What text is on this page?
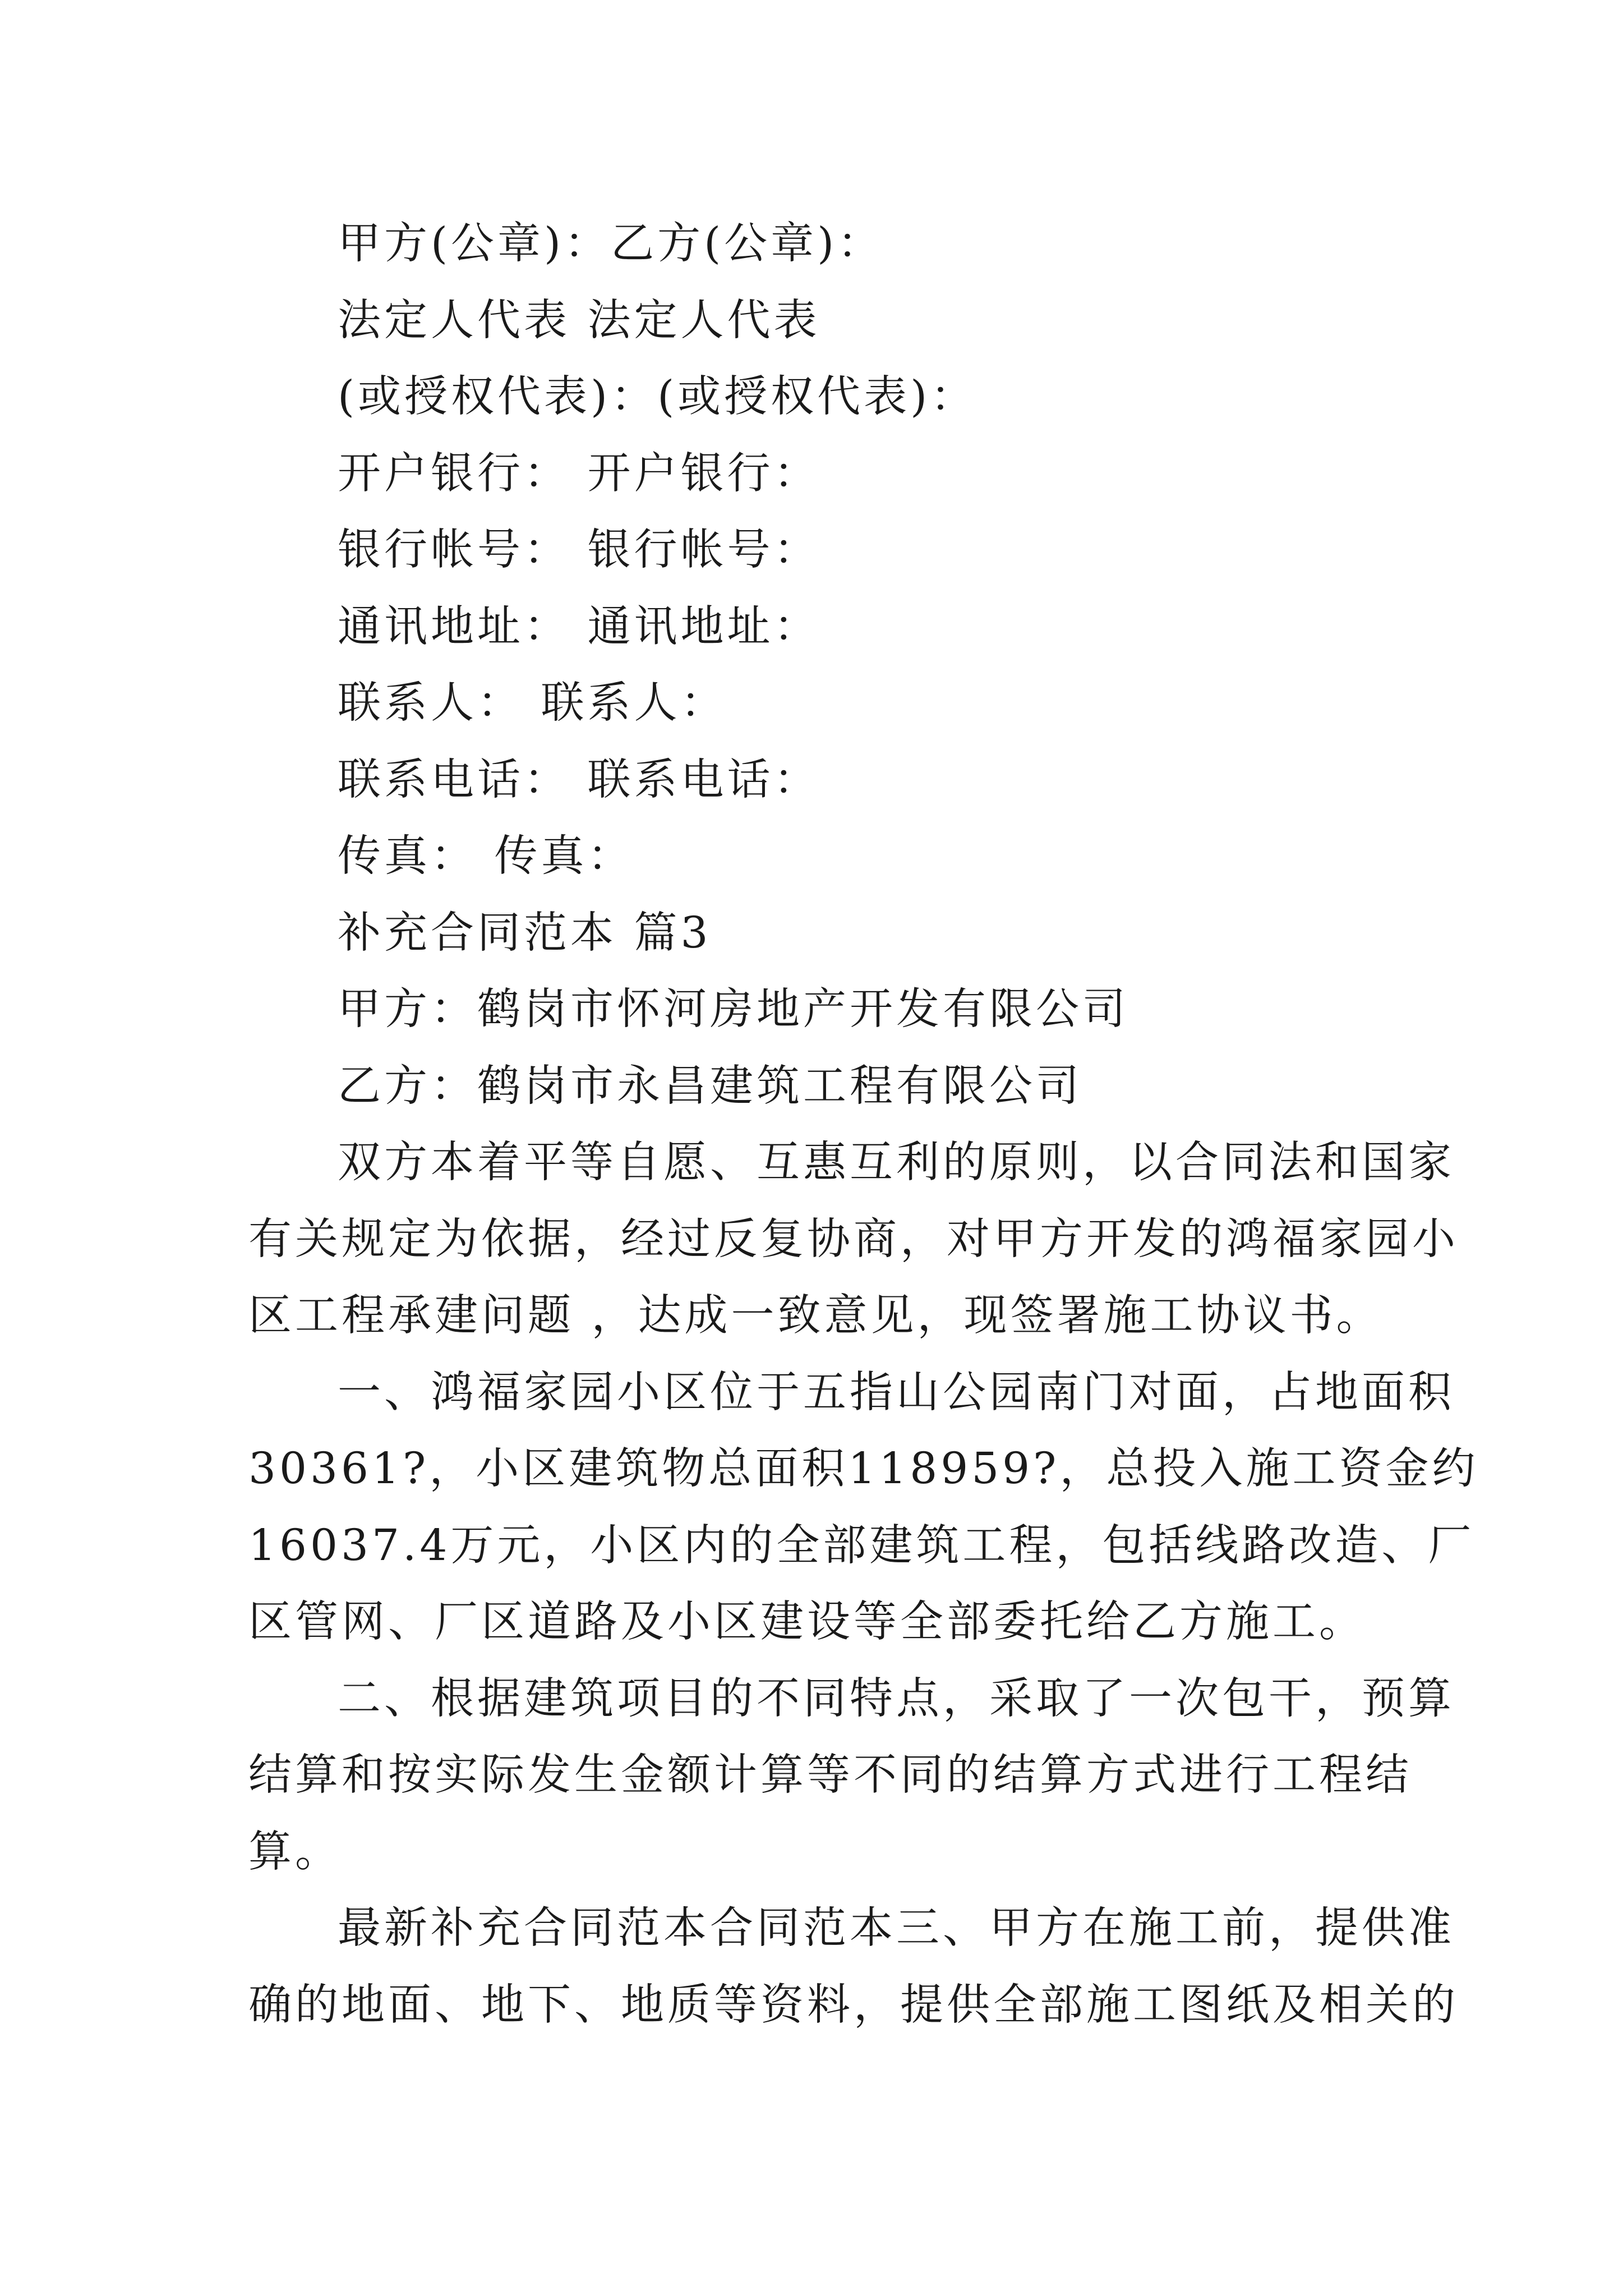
甲方(公章)：乙方(公章)：
法定人代表 法定人代表
(或授权代表)：(或授权代表)：
开户银行： 开户银行：
银行帐号： 银行帐号：
通讯地址： 通讯地址：
联系人： 联系人：
联系电话： 联系电话：
传真： 传真：
补充合同范本 篇3
甲方：鹤岗市怀河房地产开发有限公司
乙方：鹤岗市永昌建筑工程有限公司
双方本着平等自愿、互惠互利的原则，以合同法和国家
有关规定为依据，经过反复协商，对甲方开发的鸿福家园小
区工程承建问题 ，达成一致意见，现签署施工协议书。
一、鸿福家园小区位于五指山公园南门对面，占地面积
30361?，小区建筑物总面积118959?，总投入施工资金约
16037.4万元，小区内的全部建筑工程，包括线路改造、厂
区管网、厂区道路及小区建设等全部委托给乙方施工。
二、根据建筑项目的不同特点，采取了一次包干，预算
结算和按实际发生金额计算等不同的结算方式进行工程结
算。
最新补充合同范本合同范本三、甲方在施工前，提供准
确的地面、地下、地质等资料，提供全部施工图纸及相关的
